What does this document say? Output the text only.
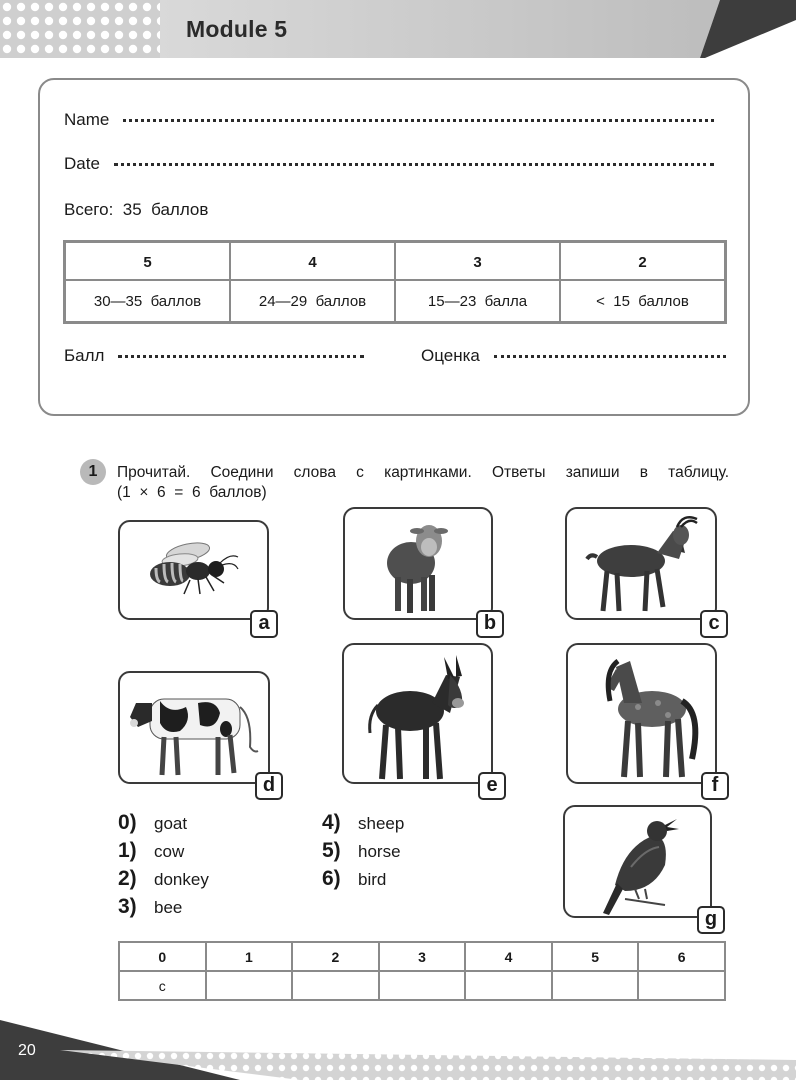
Module 5
Name
Date
Всего:  35  баллов
5	4	3	2
30—35  баллов	24—29  баллов	15—23  балла	<  15  баллов
Балл	Оценка
1	Прочитай.  Соедини  слова  с  картинками.  Ответы  запиши  в  таблицу.
(1  ×  6  =  6  баллов)
a	b	c
d	e	f
g
0)	goat
1)	cow
2)	donkey
3)	bee
4)	sheep
5)	horse
6)	bird
0	1	2	3	4	5	6
c						
20
